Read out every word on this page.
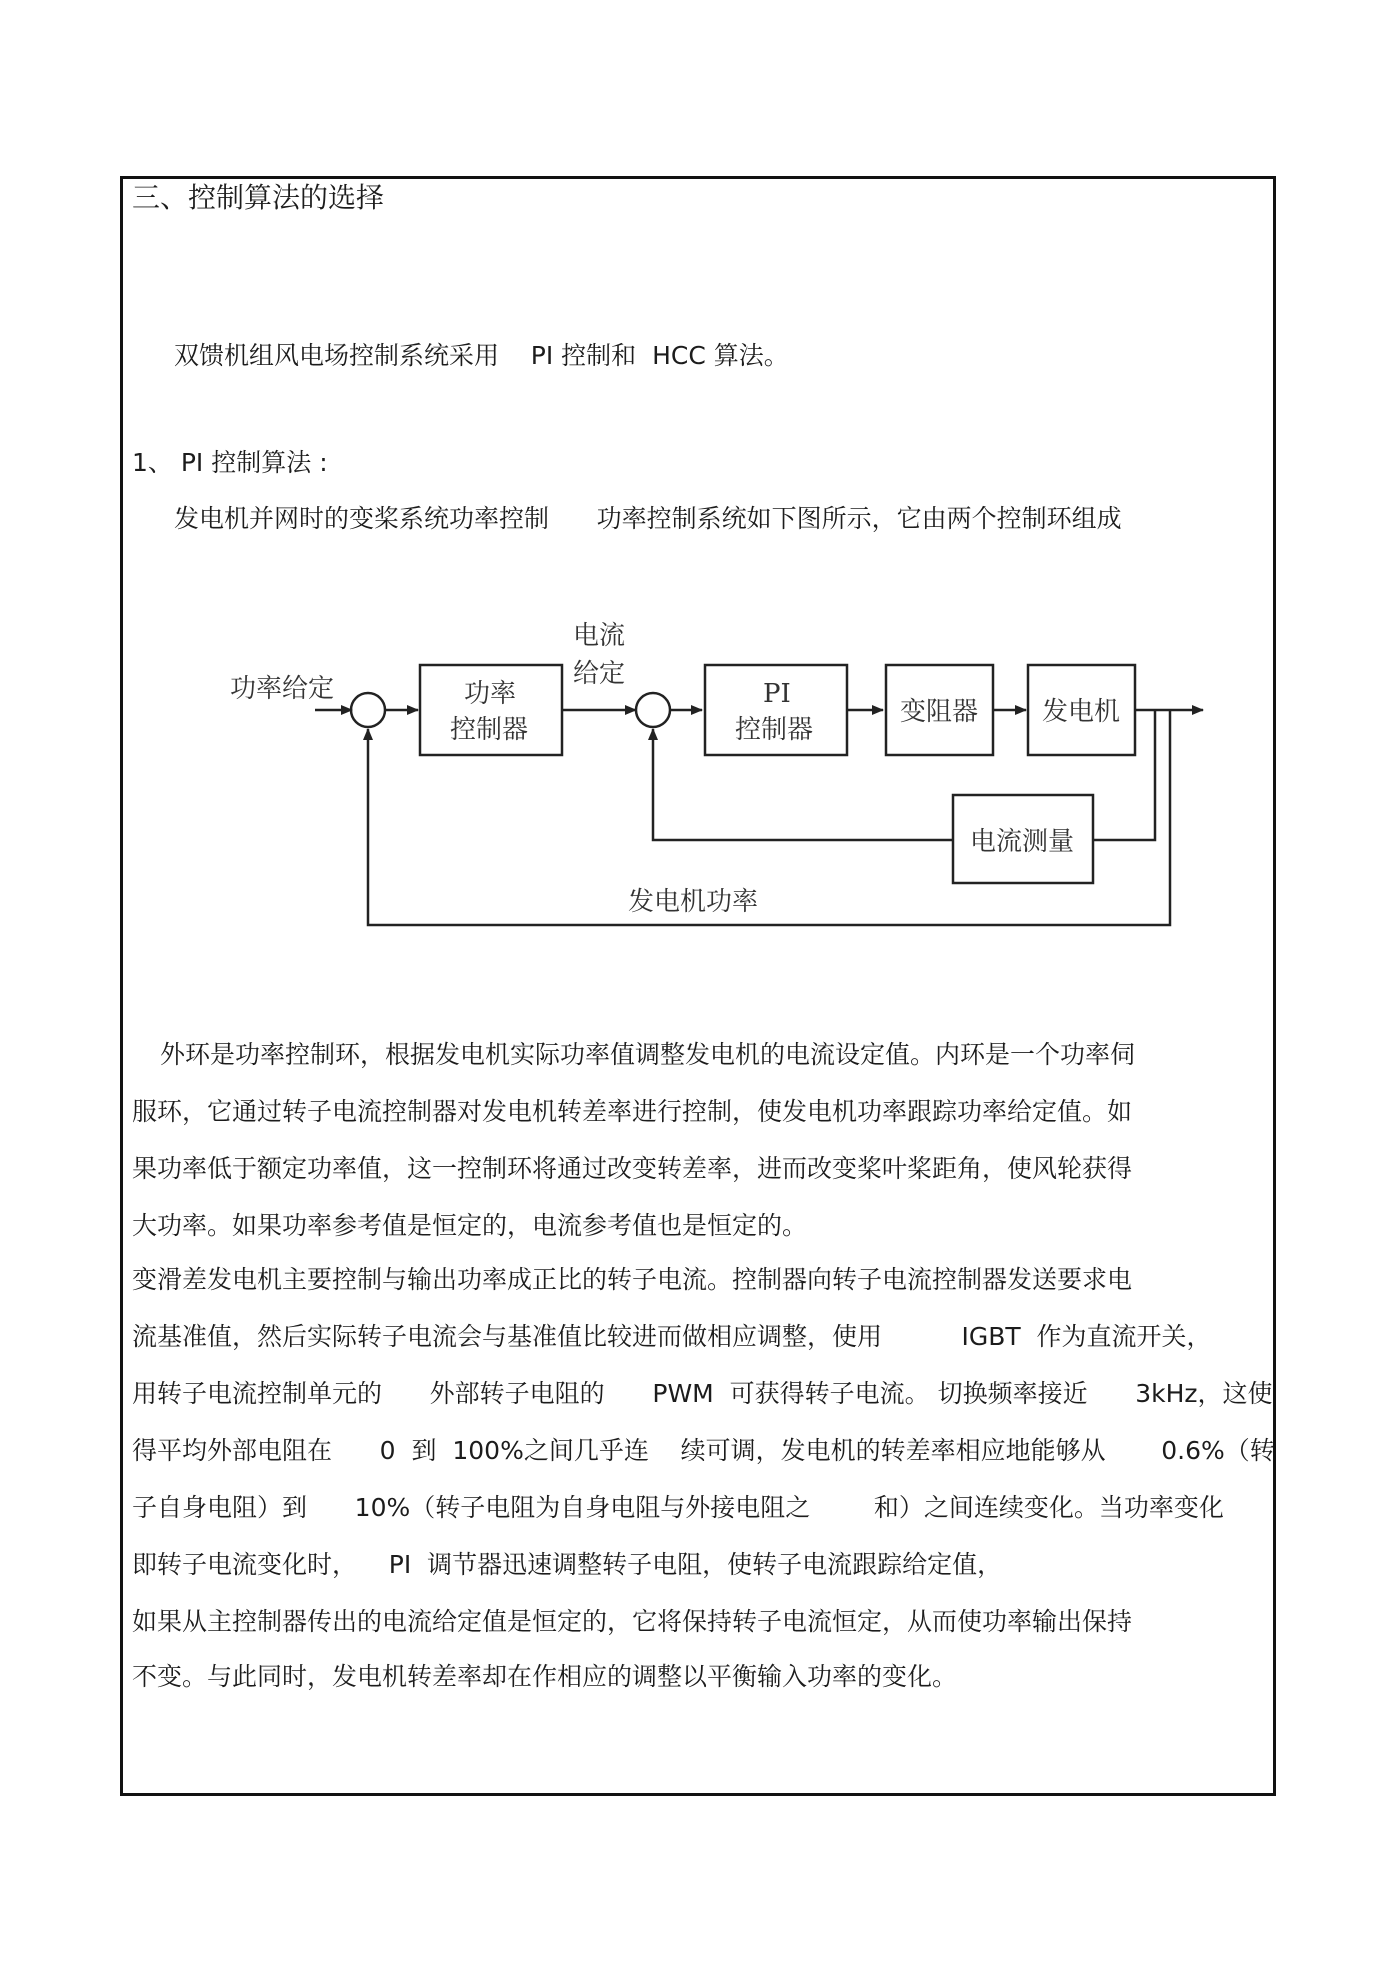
三、控制算法的选择
双馈机组风电场控制系统采用    PI 控制和  HCC 算法。
1、 PI 控制算法 :
发电机并网时的变桨系统功率控制      功率控制系统如下图所示，它由两个控制环组成
功率给定	功率
控制器
电流
给定
PI
控制器
变阻器 发电机
电流测量
发电机功率
外环是功率控制环，根据发电机实际功率值调整发电机的电流设定值。内环是一个功率伺
服环，它通过转子电流控制器对发电机转差率进行控制，使发电机功率跟踪功率给定值。如
果功率低于额定功率值，这一控制环将通过改变转差率，进而改变桨叶桨距角，使风轮获得
大功率。如果功率参考值是恒定的，电流参考值也是恒定的。
变滑差发电机主要控制与输出功率成正比的转子电流。控制器向转子电流控制器发送要求电
流基准值，然后实际转子电流会与基准值比较进而做相应调整，使用          IGBT  作为直流开关，
用转子电流控制单元的      外部转子电阻的      PWM  可获得转子电流。 切换频率接近      3kHz，这使
得平均外部电阻在      0  到  100%之间几乎连    续可调，发电机的转差率相应地能够从       0.6%（转
子自身电阻）到      10%（转子电阻为自身电阻与外接电阻之        和）之间连续变化。当功率变化
即转子电流变化时，    PI  调节器迅速调整转子电阻，使转子电流跟踪给定值，
如果从主控制器传出的电流给定值是恒定的，它将保持转子电流恒定，从而使功率输出保持
不变。与此同时，发电机转差率却在作相应的调整以平衡输入功率的变化。
